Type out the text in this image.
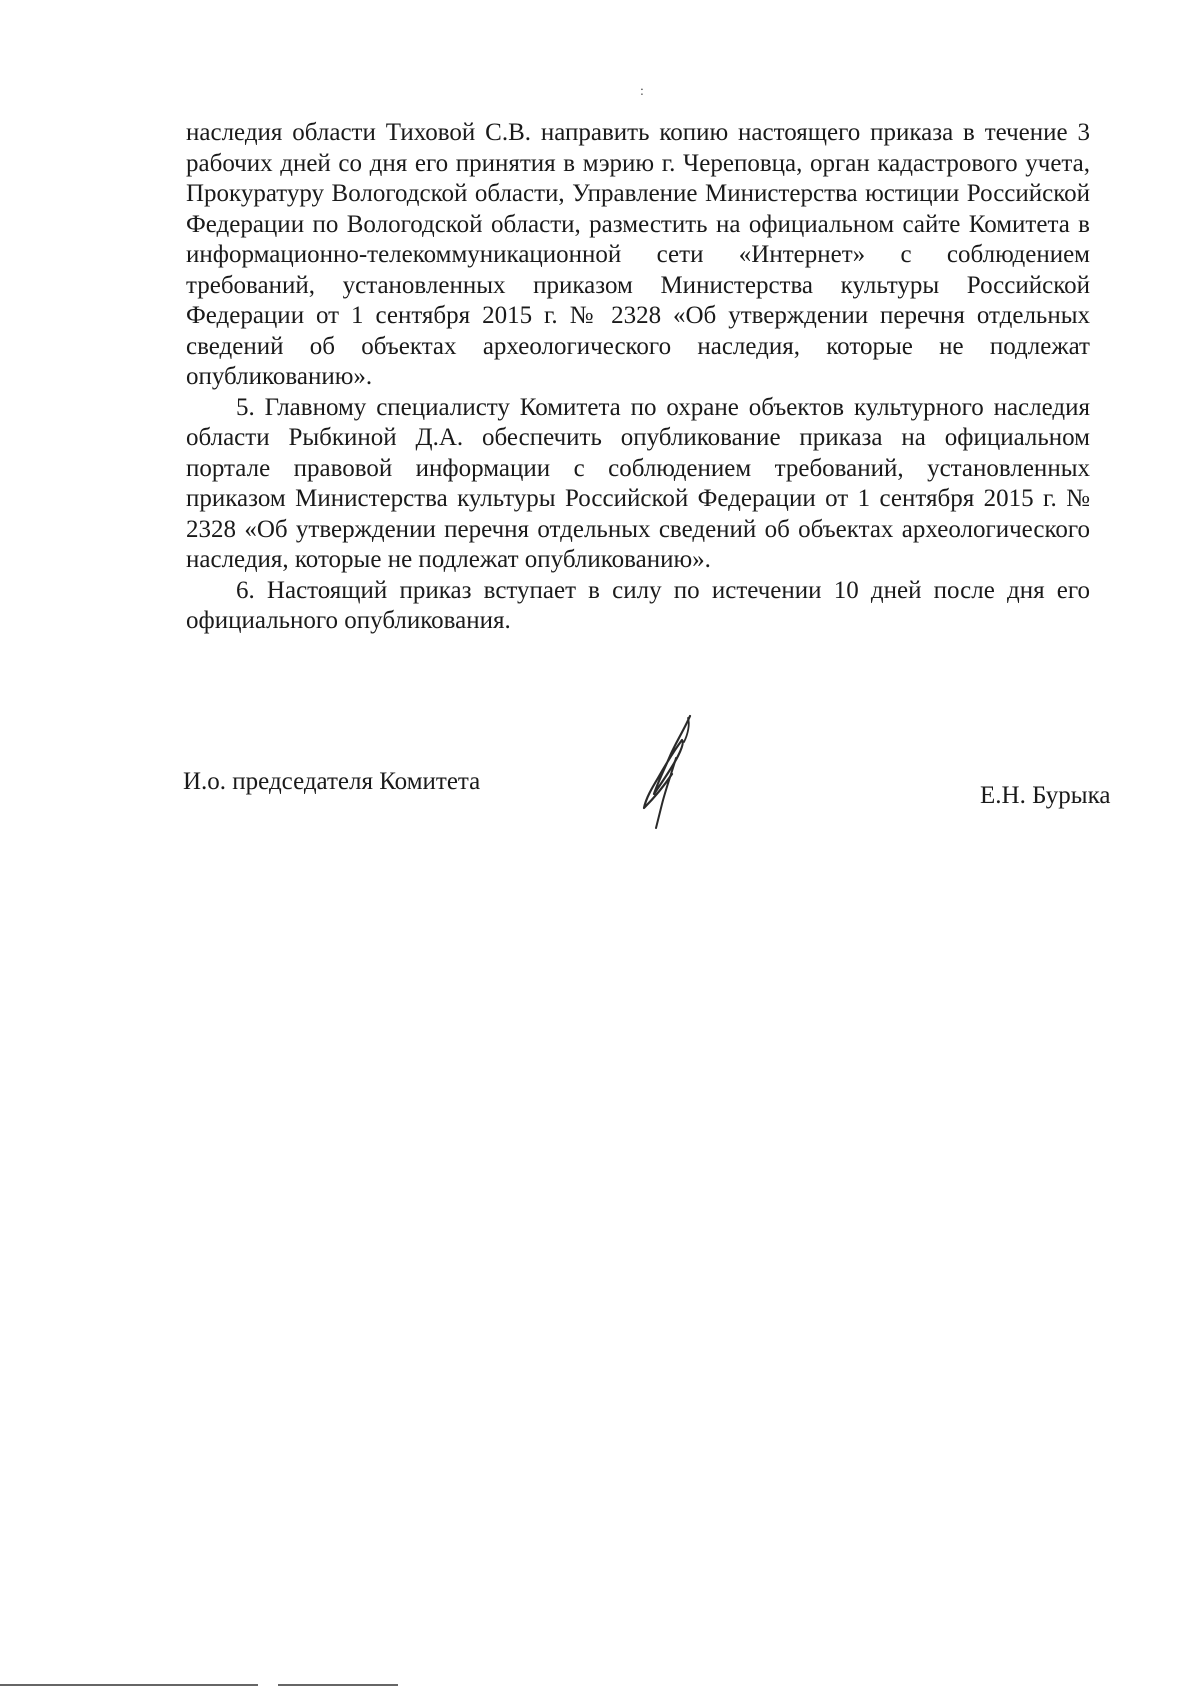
:

наследия области Тиховой С.В. направить копию настоящего приказа в течение 3 рабочих дней со дня его принятия в мэрию г. Череповца, орган кадастрового учета, Прокуратуру Вологодской области, Управление Министерства юстиции Российской Федерации по Вологодской области, разместить на официальном сайте Комитета в информационно-телекоммуникационной сети «Интернет» с соблюдением требований, установленных приказом Министерства культуры Российской Федерации от 1 сентября 2015 г. № 2328 «Об утверждении перечня отдельных сведений об объектах археологического наследия, которые не подлежат опубликованию».

5. Главному специалисту Комитета по охране объектов культурного наследия области Рыбкиной Д.А. обеспечить опубликование приказа на официальном портале правовой информации с соблюдением требований, установленных приказом Министерства культуры Российской Федерации от 1 сентября 2015 г. № 2328 «Об утверждении перечня отдельных сведений об объектах археологического наследия, которые не подлежат опубликованию».

6. Настоящий приказ вступает в силу по истечении 10 дней после дня его официального опубликования.

И.о. председателя Комитета
Е.Н. Бурыка
